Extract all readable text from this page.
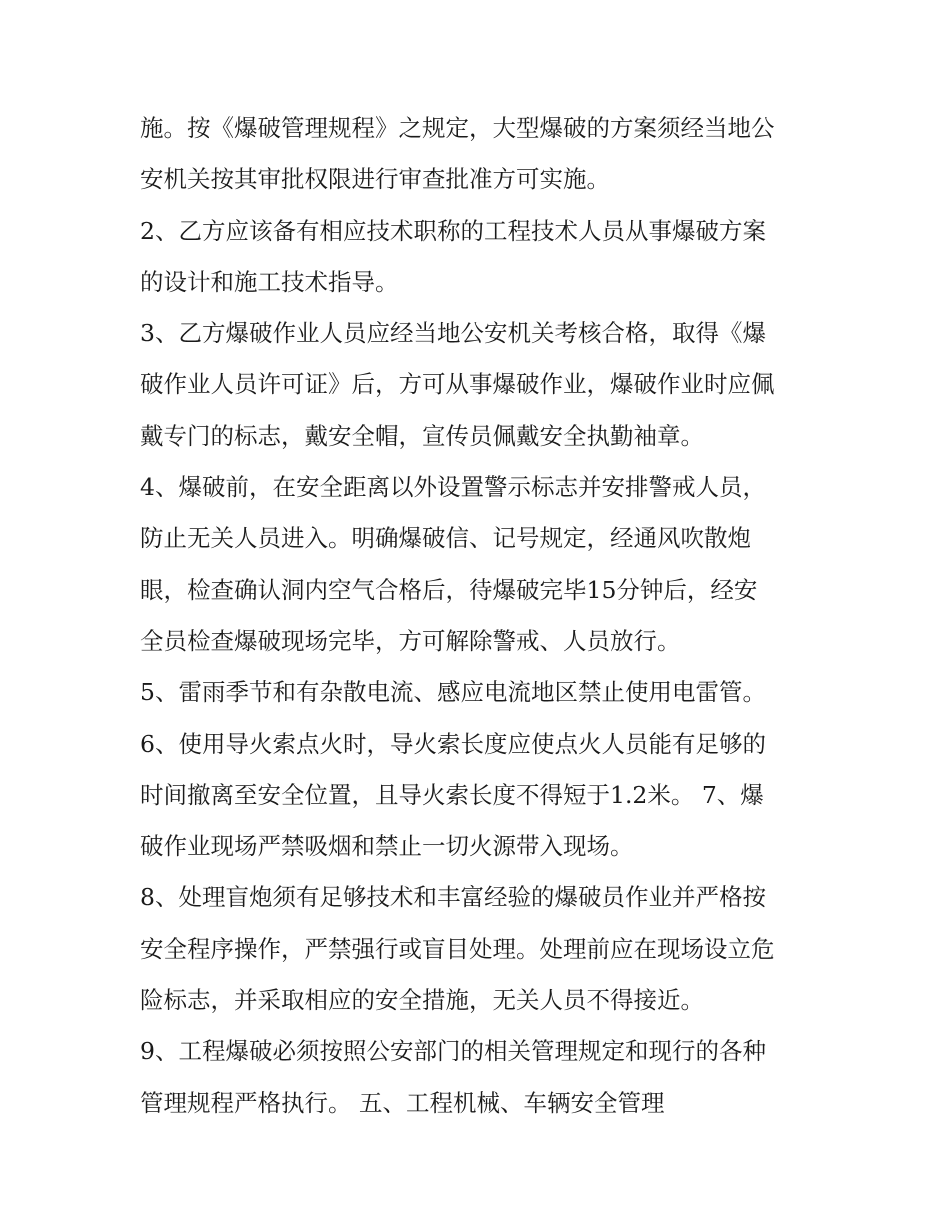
施。按《爆破管理规程》之规定，大型爆破的方案须经当地公
安机关按其审批权限进行审查批准方可实施。
2、乙方应该备有相应技术职称的工程技术人员从事爆破方案
的设计和施工技术指导。
3、乙方爆破作业人员应经当地公安机关考核合格，取得《爆
破作业人员许可证》后，方可从事爆破作业，爆破作业时应佩
戴专门的标志，戴安全帽，宣传员佩戴安全执勤袖章。
4、爆破前，在安全距离以外设置警示标志并安排警戒人员，
防止无关人员进入。明确爆破信、记号规定，经通风吹散炮
眼，检查确认洞内空气合格后，待爆破完毕15分钟后，经安
全员检查爆破现场完毕，方可解除警戒、人员放行。
5、雷雨季节和有杂散电流、感应电流地区禁止使用电雷管。
6、使用导火索点火时，导火索长度应使点火人员能有足够的
时间撤离至安全位置，且导火索长度不得短于1.2米。 7、爆
破作业现场严禁吸烟和禁止一切火源带入现场。
8、处理盲炮须有足够技术和丰富经验的爆破员作业并严格按
安全程序操作，严禁强行或盲目处理。处理前应在现场设立危
险标志，并采取相应的安全措施，无关人员不得接近。
9、工程爆破必须按照公安部门的相关管理规定和现行的各种
管理规程严格执行。 五、工程机械、车辆安全管理
